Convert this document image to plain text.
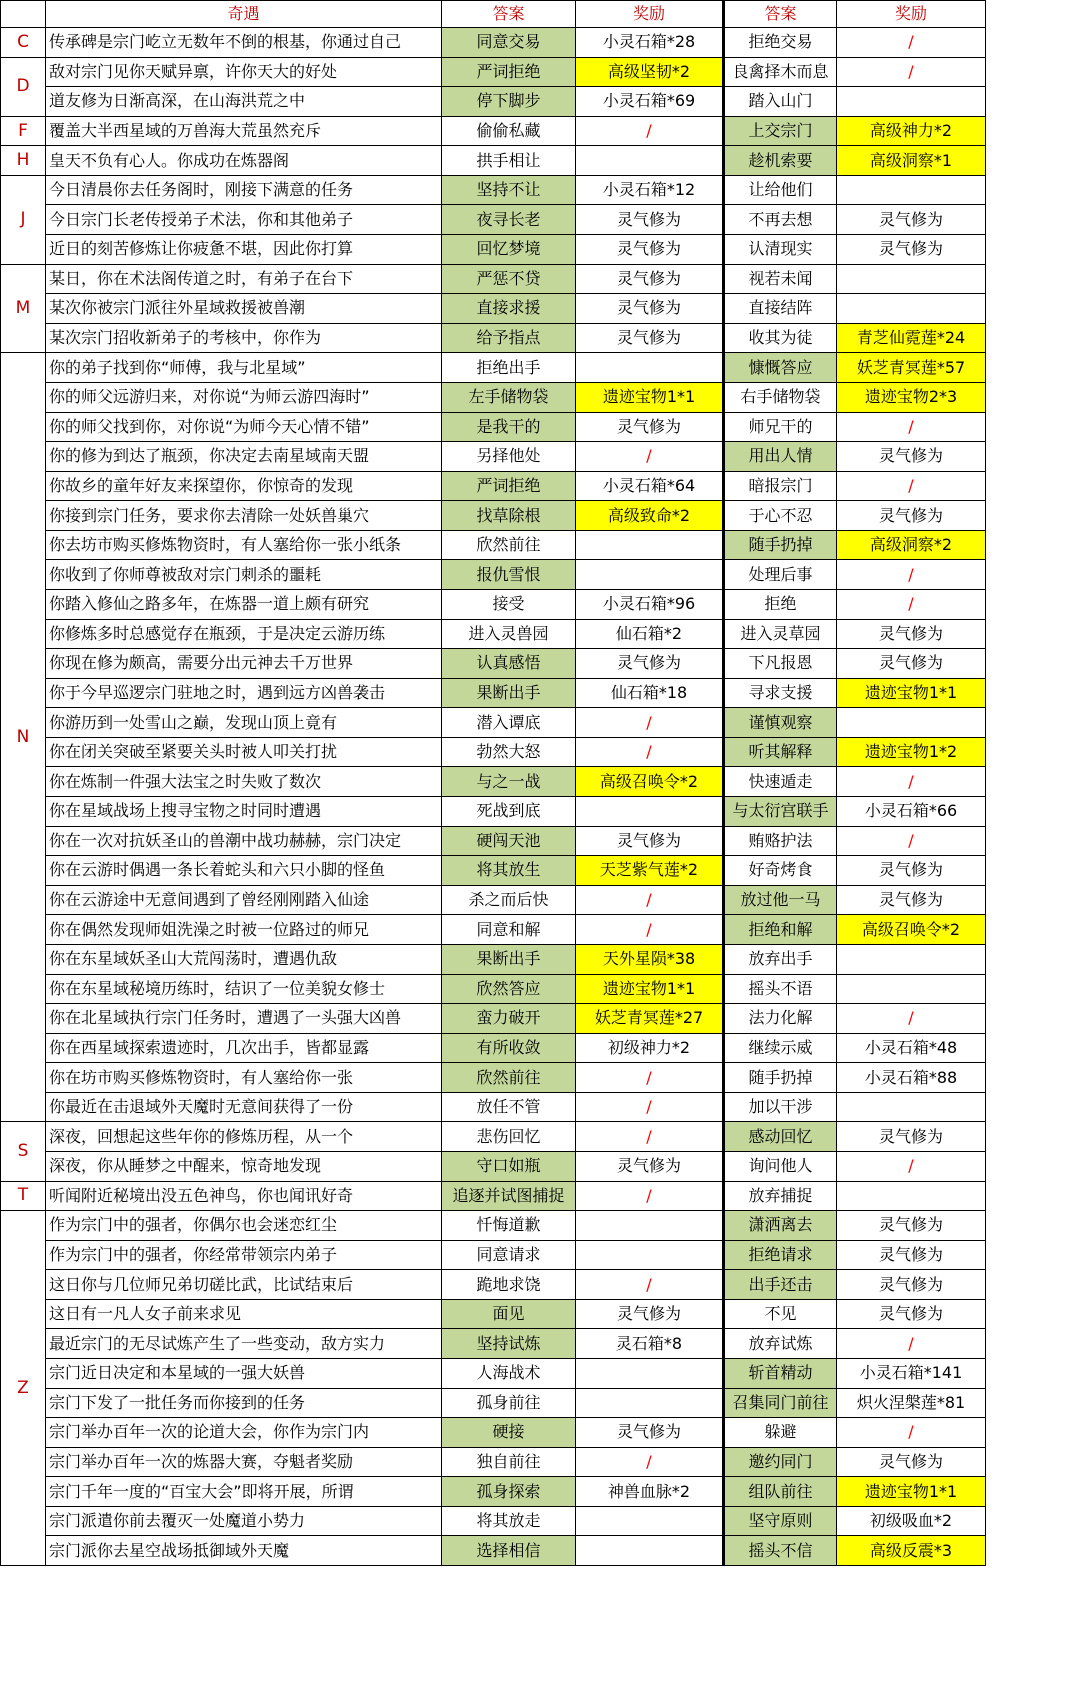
	奇遇	答案	奖励	答案	奖励
C	传承碑是宗门屹立无数年不倒的根基，你通过自己	同意交易	小灵石箱*28	拒绝交易	/
D	敌对宗门见你天赋异禀，许你天大的好处	严词拒绝	高级坚韧*2	良禽择木而息	/
	道友修为日渐高深，在山海洪荒之中	停下脚步	小灵石箱*69	踏入山门	
F	覆盖大半西星域的万兽海大荒虽然充斥	偷偷私藏	/	上交宗门	高级神力*2
H	皇天不负有心人。你成功在炼器阁	拱手相让		趁机索要	高级洞察*1
J	今日清晨你去任务阁时，刚接下满意的任务	坚持不让	小灵石箱*12	让给他们	
	今日宗门长老传授弟子术法，你和其他弟子	夜寻长老	灵气修为	不再去想	灵气修为
	近日的刻苦修炼让你疲惫不堪，因此你打算	回忆梦境	灵气修为	认清现实	灵气修为
M	某日，你在术法阁传道之时，有弟子在台下	严惩不贷	灵气修为	视若未闻	
	某次你被宗门派往外星域救援被兽潮	直接求援	灵气修为	直接结阵	
	某次宗门招收新弟子的考核中，你作为	给予指点	灵气修为	收其为徒	青芝仙霓莲*24
N	你的弟子找到你“师傅，我与北星域”	拒绝出手		慷慨答应	妖芝青冥莲*57
	你的师父远游归来，对你说“为师云游四海时”	左手储物袋	遗迹宝物1*1	右手储物袋	遗迹宝物2*3
	你的师父找到你，对你说“为师今天心情不错”	是我干的	灵气修为	师兄干的	/
	你的修为到达了瓶颈，你决定去南星域南天盟	另择他处	/	用出人情	灵气修为
	你故乡的童年好友来探望你，你惊奇的发现	严词拒绝	小灵石箱*64	暗报宗门	/
	你接到宗门任务，要求你去清除一处妖兽巢穴	找草除根	高级致命*2	于心不忍	灵气修为
	你去坊市购买修炼物资时，有人塞给你一张小纸条	欣然前往		随手扔掉	高级洞察*2
	你收到了你师尊被敌对宗门刺杀的噩耗	报仇雪恨		处理后事	/
	你踏入修仙之路多年，在炼器一道上颇有研究	接受	小灵石箱*96	拒绝	/
	你修炼多时总感觉存在瓶颈，于是决定云游历练	进入灵兽园	仙石箱*2	进入灵草园	灵气修为
	你现在修为颇高，需要分出元神去千万世界	认真感悟	灵气修为	下凡报恩	灵气修为
	你于今早巡逻宗门驻地之时，遇到远方凶兽袭击	果断出手	仙石箱*18	寻求支援	遗迹宝物1*1
	你游历到一处雪山之巅，发现山顶上竟有	潜入谭底	/	谨慎观察	
	你在闭关突破至紧要关头时被人叩关打扰	勃然大怒	/	听其解释	遗迹宝物1*2
	你在炼制一件强大法宝之时失败了数次	与之一战	高级召唤令*2	快速遁走	/
	你在星域战场上搜寻宝物之时同时遭遇	死战到底		与太衍宫联手	小灵石箱*66
	你在一次对抗妖圣山的兽潮中战功赫赫，宗门决定	硬闯天池	灵气修为	贿赂护法	/
	你在云游时偶遇一条长着蛇头和六只小脚的怪鱼	将其放生	天芝紫气莲*2	好奇烤食	灵气修为
	你在云游途中无意间遇到了曾经刚刚踏入仙途	杀之而后快	/	放过他一马	灵气修为
	你在偶然发现师姐洗澡之时被一位路过的师兄	同意和解	/	拒绝和解	高级召唤令*2
	你在东星域妖圣山大荒闯荡时，遭遇仇敌	果断出手	天外星陨*38	放弃出手	
	你在东星域秘境历练时，结识了一位美貌女修士	欣然答应	遗迹宝物1*1	摇头不语	
	你在北星域执行宗门任务时，遭遇了一头强大凶兽	蛮力破开	妖芝青冥莲*27	法力化解	/
	你在西星域探索遗迹时，几次出手，皆都显露	有所收敛	初级神力*2	继续示威	小灵石箱*48
	你在坊市购买修炼物资时，有人塞给你一张	欣然前往	/	随手扔掉	小灵石箱*88
	你最近在击退域外天魔时无意间获得了一份	放任不管	/	加以干涉	
S	深夜，回想起这些年你的修炼历程，从一个	悲伤回忆	/	感动回忆	灵气修为
	深夜，你从睡梦之中醒来，惊奇地发现	守口如瓶	灵气修为	询问他人	/
T	听闻附近秘境出没五色神鸟，你也闻讯好奇	追逐并试图捕捉	/	放弃捕捉	
Z	作为宗门中的强者，你偶尔也会迷恋红尘	忏悔道歉		潇洒离去	灵气修为
	作为宗门中的强者，你经常带领宗内弟子	同意请求		拒绝请求	灵气修为
	这日你与几位师兄弟切磋比武，比试结束后	跪地求饶	/	出手还击	灵气修为
	这日有一凡人女子前来求见	面见	灵气修为	不见	灵气修为
	最近宗门的无尽试炼产生了一些变动，敌方实力	坚持试炼	灵石箱*8	放弃试炼	/
	宗门近日决定和本星域的一强大妖兽	人海战术		斩首精动	小灵石箱*141
	宗门下发了一批任务而你接到的任务	孤身前往		召集同门前往	炽火涅槃莲*81
	宗门举办百年一次的论道大会，你作为宗门内	硬接	灵气修为	躲避	/
	宗门举办百年一次的炼器大赛，夺魁者奖励	独自前往	/	邀约同门	灵气修为
	宗门千年一度的“百宝大会”即将开展，所谓	孤身探索	神兽血脉*2	组队前往	遗迹宝物1*1
	宗门派遣你前去覆灭一处魔道小势力	将其放走		坚守原则	初级吸血*2
	宗门派你去星空战场抵御域外天魔	选择相信		摇头不信	高级反震*3
